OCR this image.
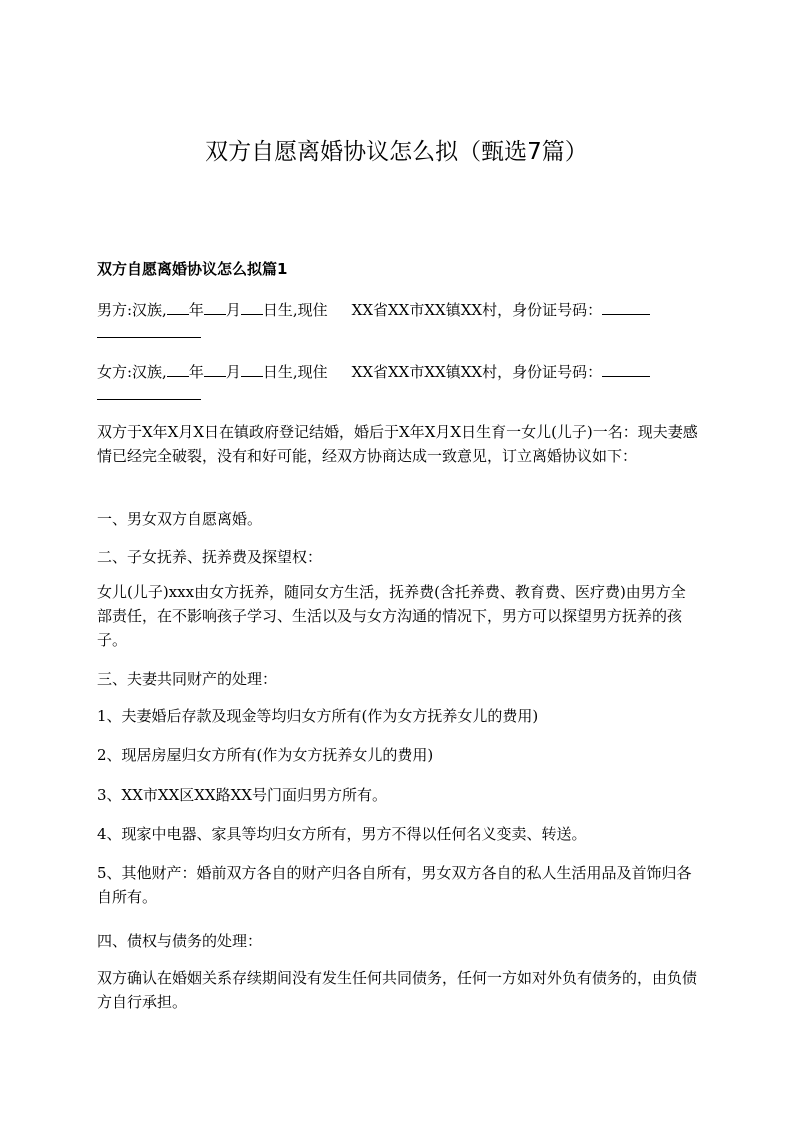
双方自愿离婚协议怎么拟（甄选7篇）
双方自愿离婚协议怎么拟篇1
男方:汉族, 年 月 日生,现住 XX省XX市XX镇XX村，身份证号码：
女方:汉族, 年 月 日生,现住 XX省XX市XX镇XX村，身份证号码：
双方于X年X月X日在镇政府登记结婚，婚后于X年X月X日生育一女儿(儿子)一名：现夫妻感情已经完全破裂，没有和好可能，经双方协商达成一致意见，订立离婚协议如下：
一、男女双方自愿离婚。
二、子女抚养、抚养费及探望权：
女儿(儿子)xxx由女方抚养，随同女方生活，抚养费(含托养费、教育费、医疗费)由男方全部责任，在不影响孩子学习、生活以及与女方沟通的情况下，男方可以探望男方抚养的孩子。
三、夫妻共同财产的处理：
1、夫妻婚后存款及现金等均归女方所有(作为女方抚养女儿的费用)
2、现居房屋归女方所有(作为女方抚养女儿的费用)
3、XX市XX区XX路XX号门面归男方所有。
4、现家中电器、家具等均归女方所有，男方不得以任何名义变卖、转送。
5、其他财产：婚前双方各自的财产归各自所有，男女双方各自的私人生活用品及首饰归各自所有。
四、债权与债务的处理：
双方确认在婚姻关系存续期间没有发生任何共同债务，任何一方如对外负有债务的，由负债方自行承担。
